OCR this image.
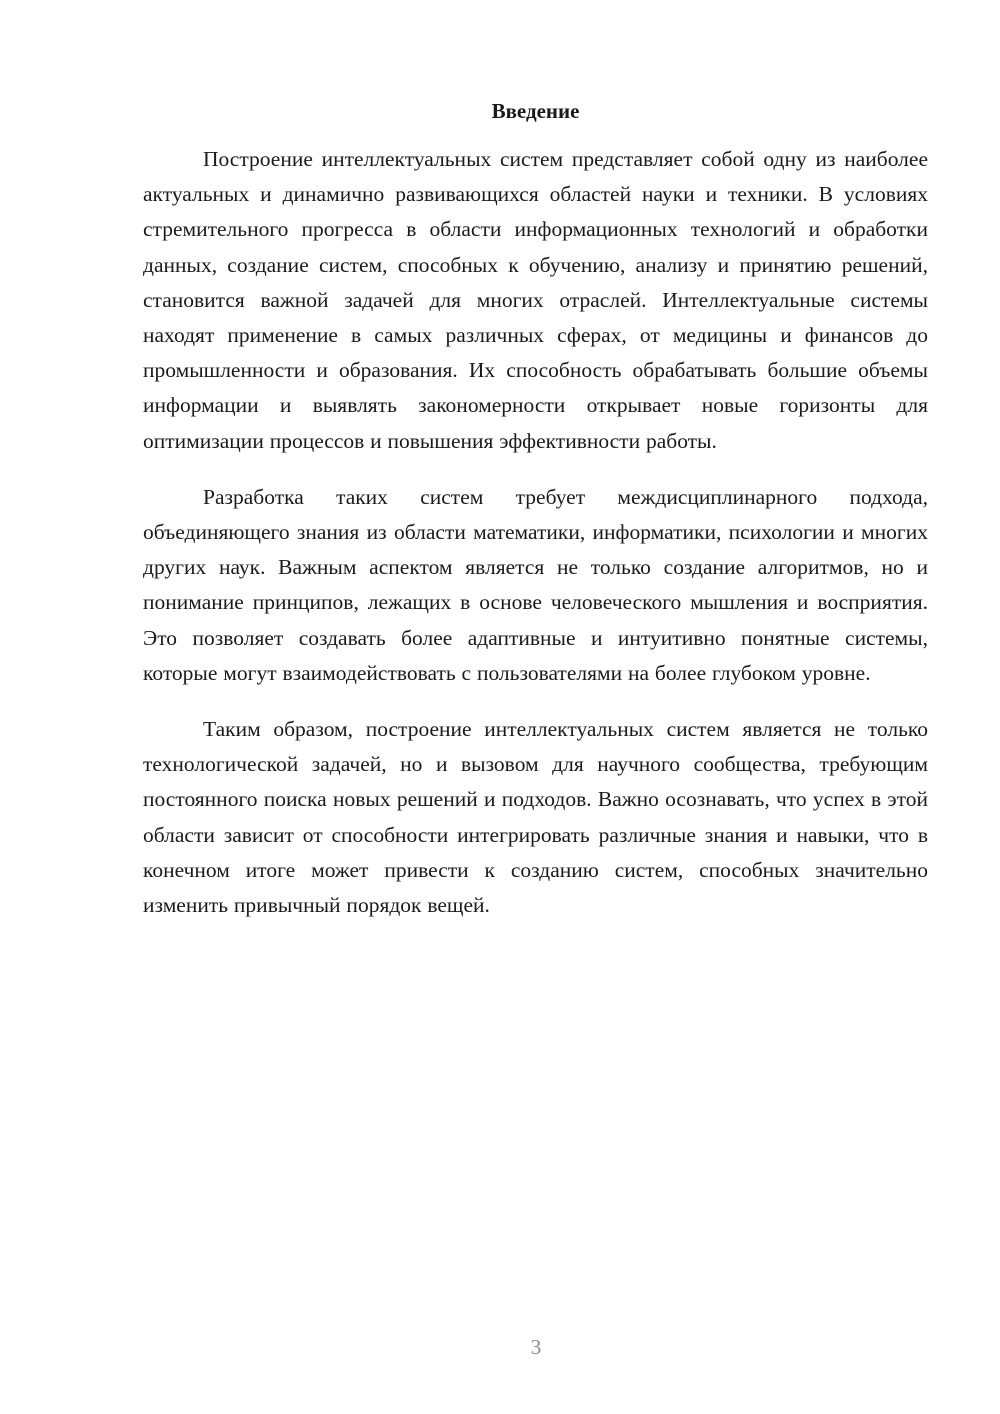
Введение

Построение интеллектуальных систем представляет собой одну из наиболее актуальных и динамично развивающихся областей науки и техники. В условиях стремительного прогресса в области информационных технологий и обработки данных, создание систем, способных к обучению, анализу и принятию решений, становится важной задачей для многих отраслей. Интеллектуальные системы находят применение в самых различных сферах, от медицины и финансов до промышленности и образования. Их способность обрабатывать большие объемы информации и выявлять закономерности открывает новые горизонты для оптимизации процессов и повышения эффективности работы.

Разработка таких систем требует междисциплинарного подхода, объединяющего знания из области математики, информатики, психологии и многих других наук. Важным аспектом является не только создание алгоритмов, но и понимание принципов, лежащих в основе человеческого мышления и восприятия. Это позволяет создавать более адаптивные и интуитивно понятные системы, которые могут взаимодействовать с пользователями на более глубоком уровне.

Таким образом, построение интеллектуальных систем является не только технологической задачей, но и вызовом для научного сообщества, требующим постоянного поиска новых решений и подходов. Важно осознавать, что успех в этой области зависит от способности интегрировать различные знания и навыки, что в конечном итоге может привести к созданию систем, способных значительно изменить привычный порядок вещей.

3
